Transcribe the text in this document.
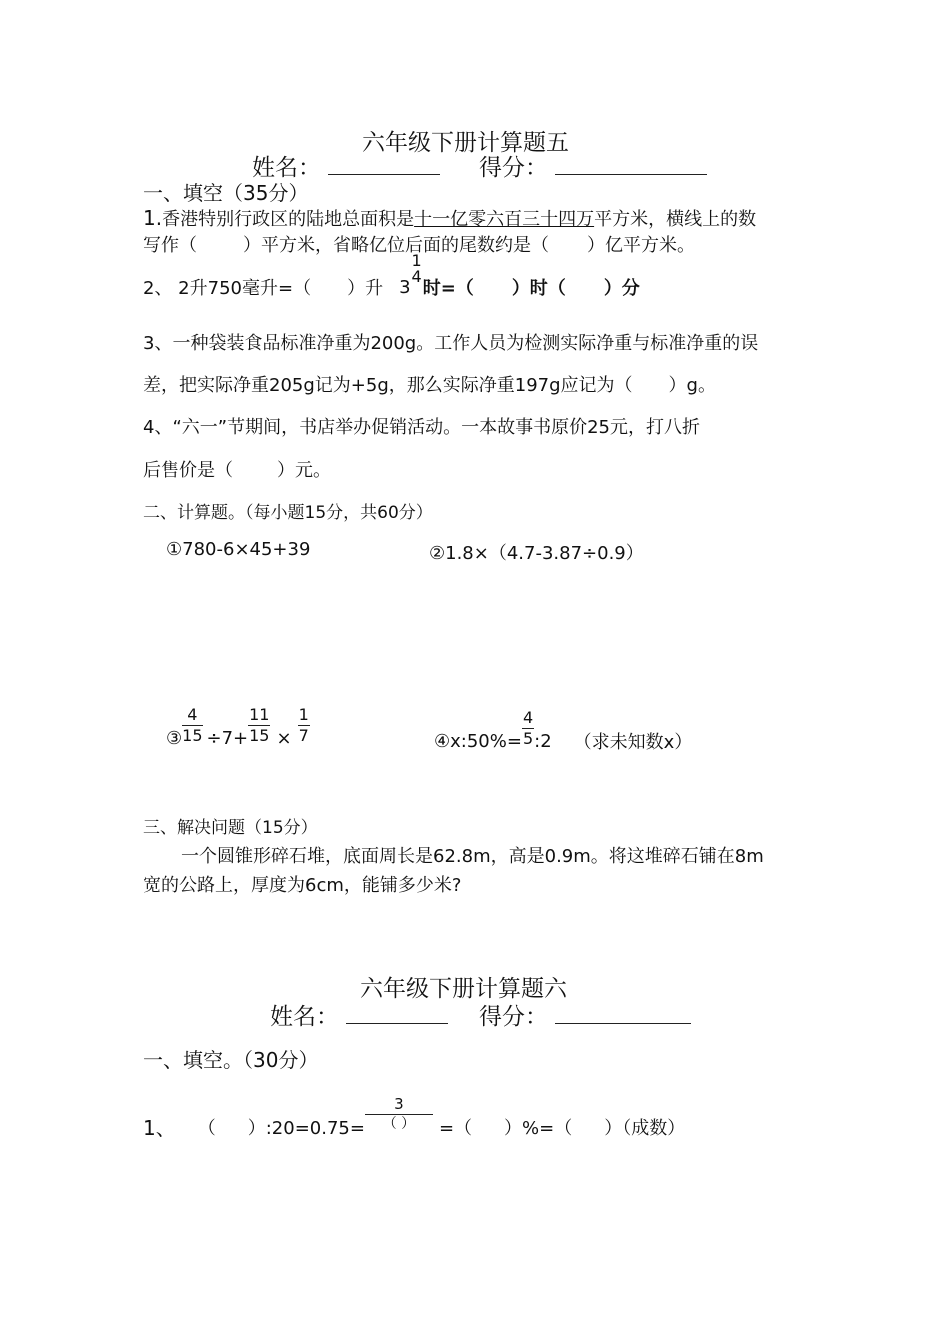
六年级下册计算题五
姓名：	得分：
一、填空（35分）
1.香港特别行政区的陆地总面积是十一亿零六百三十四万平方米，横线上的数
写作（	）平方米，省略亿位后面的尾数约是（ ）亿平方米。
2、 2升750毫升=（ ）升 3
1
4
时=（ ）时（ ）分
3、一种袋装食品标准净重为200g。工作人员为检测实际净重与标准净重的误
差，把实际净重205g记为+5g，那么实际净重197g应记为（ ）g。
4、“六一”节期间，书店举办促销活动。一本故事书原价25元，打八折
后售价是（ ）元。
二、计算题。（每小题15分，共60分）
①780-6×45+39	②1.8×（4.7-3.87÷0.9）
③ $\frac{4}{15} \div 7+ \frac{11}{15} \times \frac{1}{7}$	④x:50%= $\frac{4}{5}$ :2 （求未知数x）
三、解决问题（15分）
一个圆锥形碎石堆，底面周长是62.8m，高是0.9m。将这堆碎石铺在8m
宽的公路上，厚度为6cm，能铺多少米?
六年级下册计算题六
姓名：	得分：
一、填空。（30分）
1、 （ ）:20=0.75= $\frac{3}{( )}$ =（ ）%=（ ）（成数）
